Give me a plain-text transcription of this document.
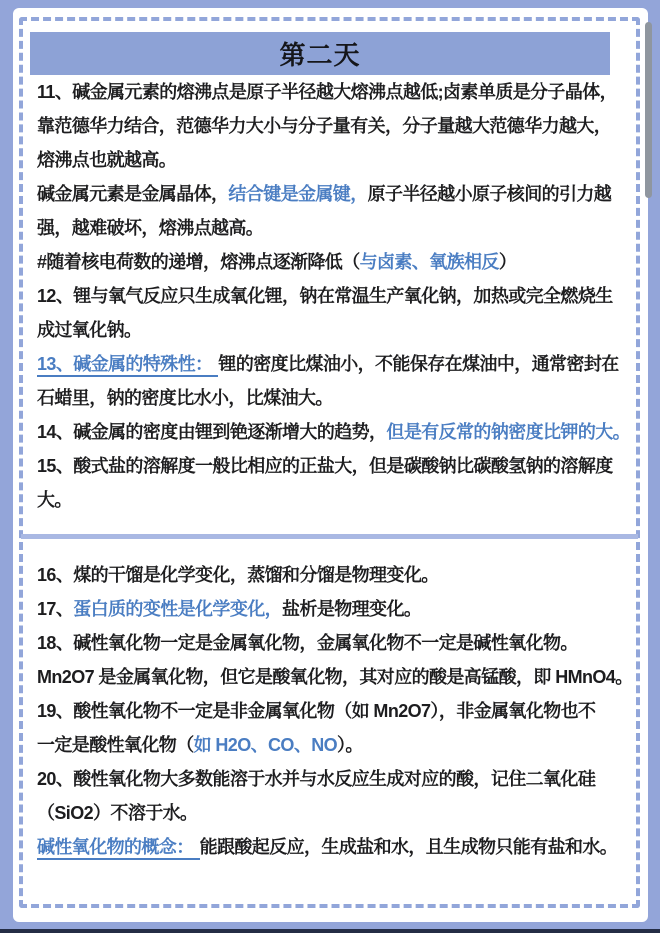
第二天
11、碱金属元素的熔沸点是原子半径越大熔沸点越低;卤素单质是分子晶体，
靠范德华力结合，范德华力大小与分子量有关，分子量越大范德华力越大，
熔沸点也就越高。
碱金属元素是金属晶体，结合键是金属键，原子半径越小原子核间的引力越
强，越难破坏，熔沸点越高。
#随着核电荷数的递增，熔沸点逐渐降低（与卤素、氧族相反）
12、锂与氧气反应只生成氧化锂，钠在常温生产氧化钠，加热或完全燃烧生
成过氧化钠。
13、碱金属的特殊性： 锂的密度比煤油小，不能保存在煤油中，通常密封在
石蜡里，钠的密度比水小，比煤油大。
14、碱金属的密度由锂到铯逐渐增大的趋势，但是有反常的钠密度比钾的大。
15、酸式盐的溶解度一般比相应的正盐大，但是碳酸钠比碳酸氢钠的溶解度
大。
16、煤的干馏是化学变化，蒸馏和分馏是物理变化。
17、蛋白质的变性是化学变化，盐析是物理变化。
18、碱性氧化物一定是金属氧化物，金属氧化物不一定是碱性氧化物。
Mn2O7 是金属氧化物，但它是酸氧化物，其对应的酸是高锰酸，即 HMnO4。
19、酸性氧化物不一定是非金属氧化物（如 Mn2O7），非金属氧化物也不
一定是酸性氧化物（如 H2O、CO、NO）。
20、酸性氧化物大多数能溶于水并与水反应生成对应的酸，记住二氧化硅
（SiO2）不溶于水。
碱性氧化物的概念： 能跟酸起反应，生成盐和水，且生成物只能有盐和水。
